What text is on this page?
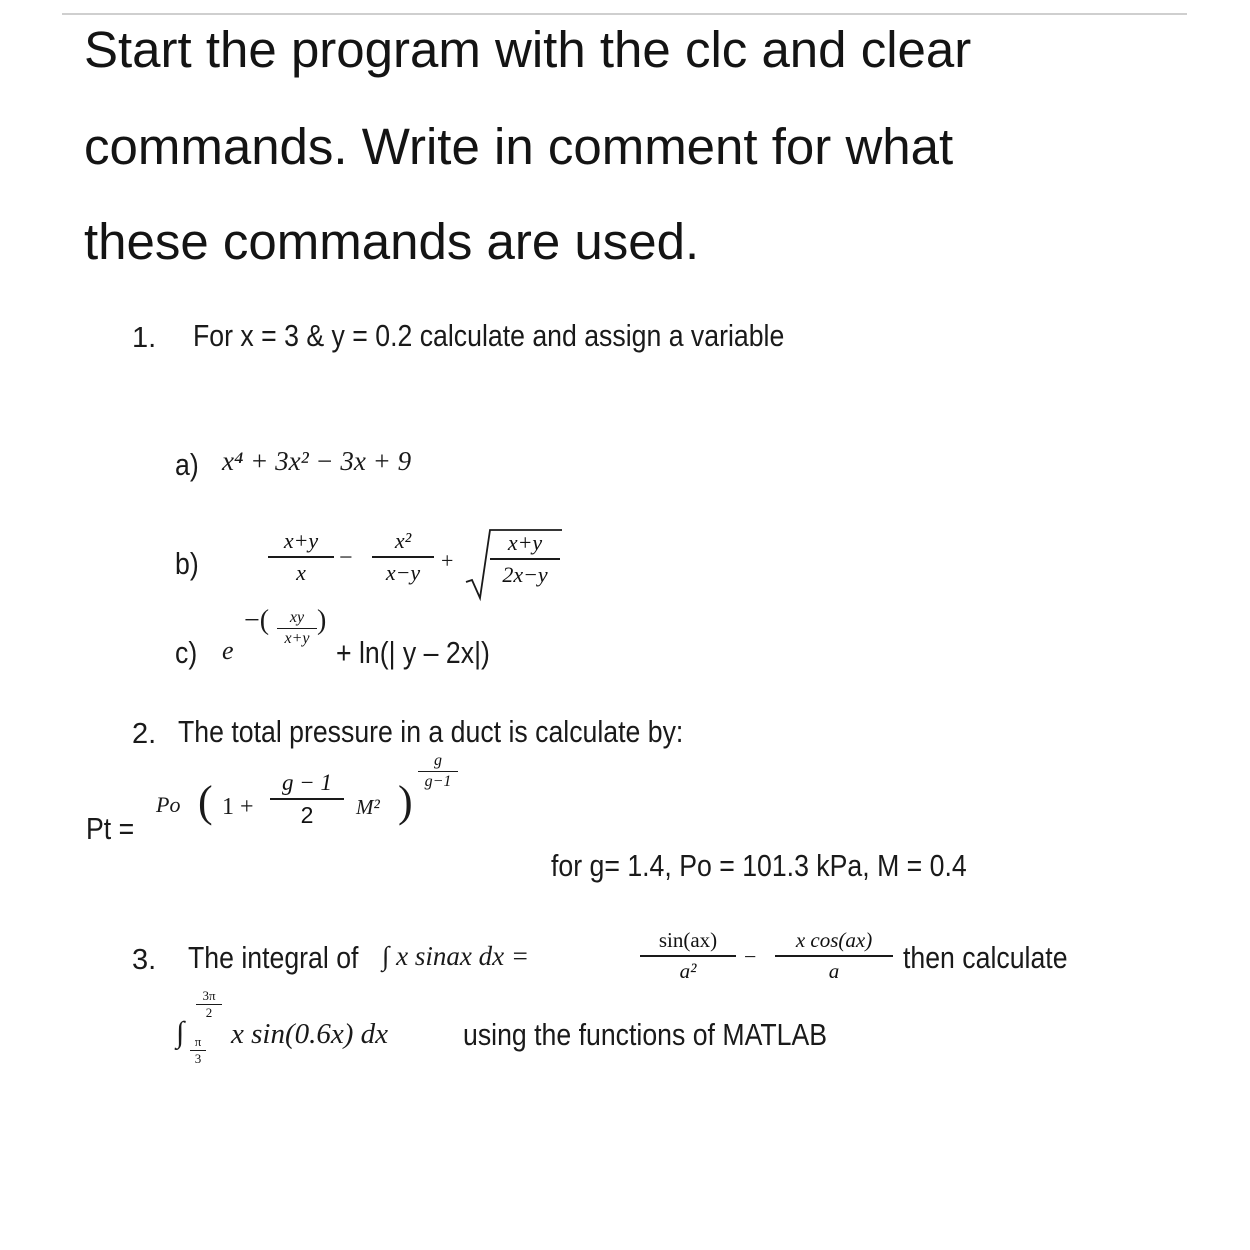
Start the program with the clc and clear
commands. Write in comment for what
these commands are used.
1. For x = 3 & y = 0.2 calculate and assign a variable
a) x⁴ + 3x² − 3x + 9
b)
x+y
x
−
x²
x−y +
x+y
2x−y
c) e
−(	xy
x+y
)
+ ln(| y – 2x|)
2. The total pressure in a duct is calculate by:
Pt =
Po ( 1 +
g − 1
2	M² )
g
g−1
for g= 1.4, Po = 101.3 kPa, M = 0.4
3. The integral of ∫ x sinax dx =
sin(ax)
a²
−
x cos(ax)
a	then calculate
3π
2
∫ π
3
x sin(0.6x) dx using the functions of MATLAB
